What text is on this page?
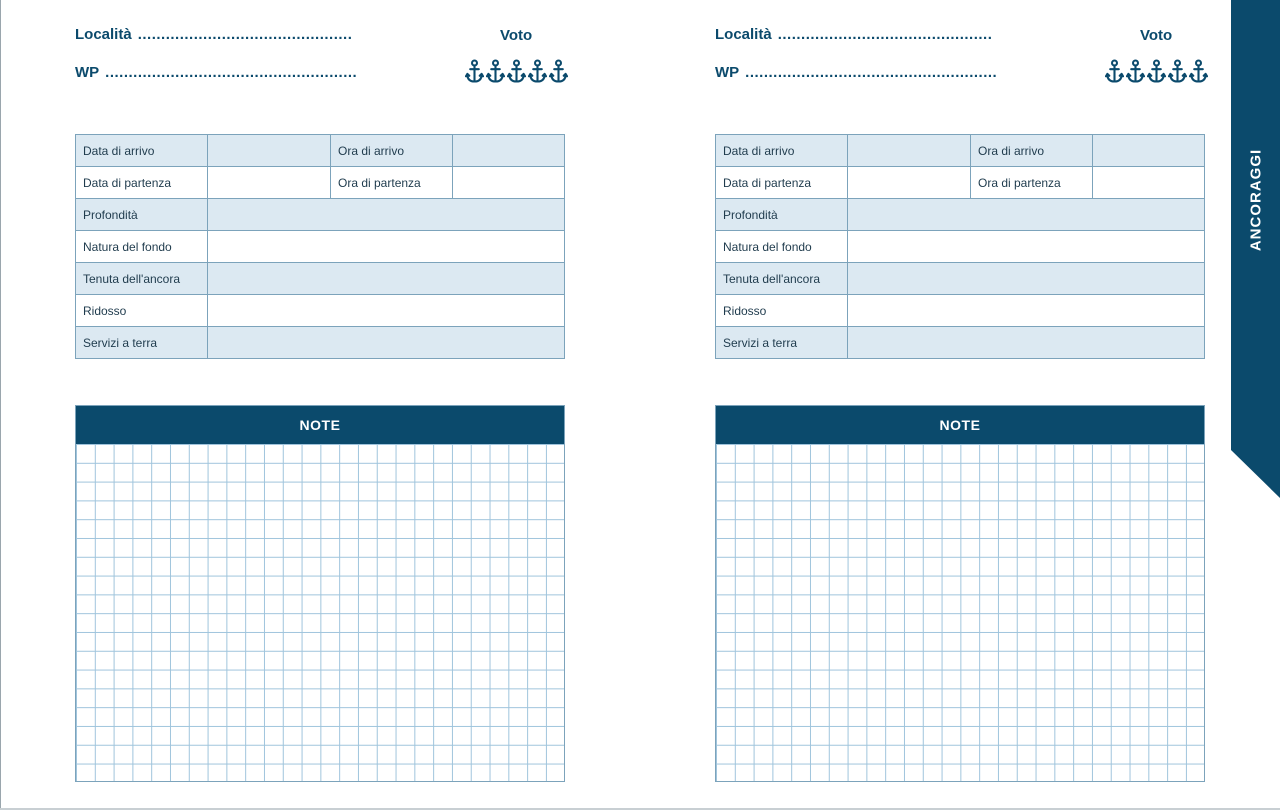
Località ..............................................
WP ......................................................
Voto
Data di arrivo		Ora di arrivo	
Data di partenza		Ora di partenza	
Profondità			
Natura del fondo			
Tenuta dell'ancora			
Ridosso			
Servizi a terra			
NOTE
Località ..............................................
WP ......................................................
Voto
Data di arrivo		Ora di arrivo	
Data di partenza		Ora di partenza	
Profondità			
Natura del fondo			
Tenuta dell'ancora			
Ridosso			
Servizi a terra			
NOTE
ANCORAGGI
